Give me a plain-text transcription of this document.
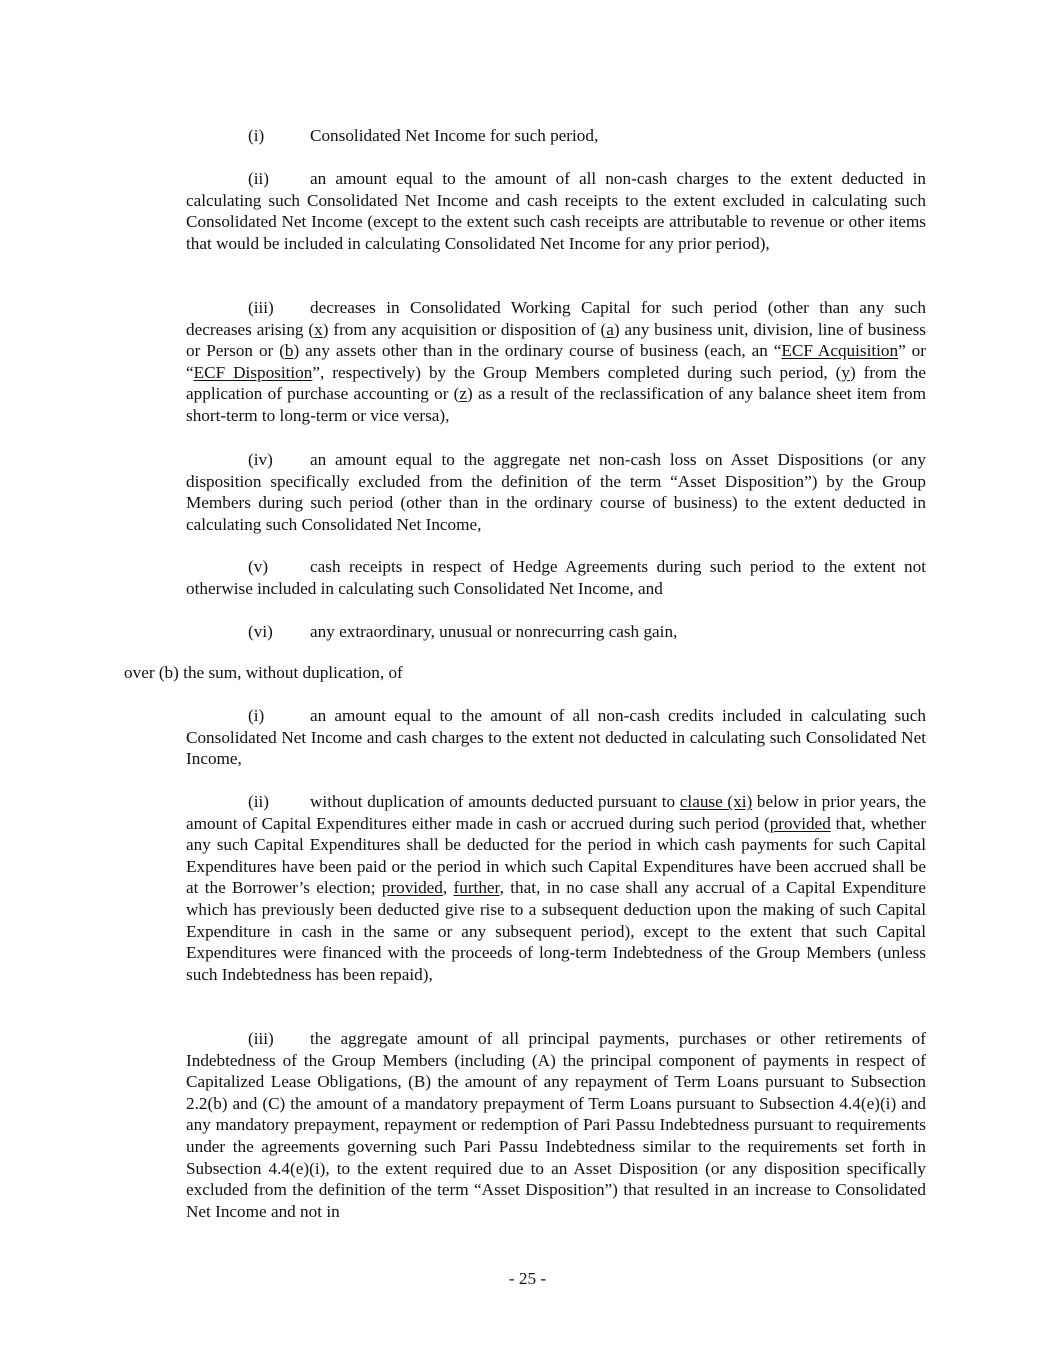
(i)	Consolidated Net Income for such period,
(ii) an amount equal to the amount of all non-cash charges to the extent deducted in calculating such Consolidated Net Income and cash receipts to the extent excluded in calculating such Consolidated Net Income (except to the extent such cash receipts are attributable to revenue or other items that would be included in calculating Consolidated Net Income for any prior period),
(iii) decreases in Consolidated Working Capital for such period (other than any such decreases arising (x) from any acquisition or disposition of (a) any business unit, division, line of business or Person or (b) any assets other than in the ordinary course of business (each, an “ECF Acquisition” or “ECF Disposition”, respectively) by the Group Members completed during such period, (y) from the application of purchase accounting or (z) as a result of the reclassification of any balance sheet item from short-term to long-term or vice versa),
(iv) an amount equal to the aggregate net non-cash loss on Asset Dispositions (or any disposition specifically excluded from the definition of the term “Asset Disposition”) by the Group Members during such period (other than in the ordinary course of business) to the extent deducted in calculating such Consolidated Net Income,
(v) cash receipts in respect of Hedge Agreements during such period to the extent not otherwise included in calculating such Consolidated Net Income, and
(vi) any extraordinary, unusual or nonrecurring cash gain,
over (b) the sum, without duplication, of
(i)	an amount equal to the amount of all non-cash credits included in calculating such Consolidated Net Income and cash charges to the extent not deducted in calculating such Consolidated Net Income,
(ii) without duplication of amounts deducted pursuant to clause (xi) below in prior years, the amount of Capital Expenditures either made in cash or accrued during such period (provided that, whether any such Capital Expenditures shall be deducted for the period in which cash payments for such Capital Expenditures have been paid or the period in which such Capital Expenditures have been accrued shall be at the Borrower’s election; provided, further, that, in no case shall any accrual of a Capital Expenditure which has previously been deducted give rise to a subsequent deduction upon the making of such Capital Expenditure in cash in the same or any subsequent period), except to the extent that such Capital Expenditures were financed with the proceeds of long-term Indebtedness of the Group Members (unless such Indebtedness has been repaid),
(iii) the aggregate amount of all principal payments, purchases or other retirements of Indebtedness of the Group Members (including (A) the principal component of payments in respect of Capitalized Lease Obligations, (B) the amount of any repayment of Term Loans pursuant to Subsection 2.2(b) and (C) the amount of a mandatory prepayment of Term Loans pursuant to Subsection 4.4(e)(i) and any mandatory prepayment, repayment or redemption of Pari Passu Indebtedness pursuant to requirements under the agreements governing such Pari Passu Indebtedness similar to the requirements set forth in Subsection 4.4(e)(i), to the extent required due to an Asset Disposition (or any disposition specifically excluded from the definition of the term “Asset Disposition”) that resulted in an increase to Consolidated Net Income and not in
- 25 -
